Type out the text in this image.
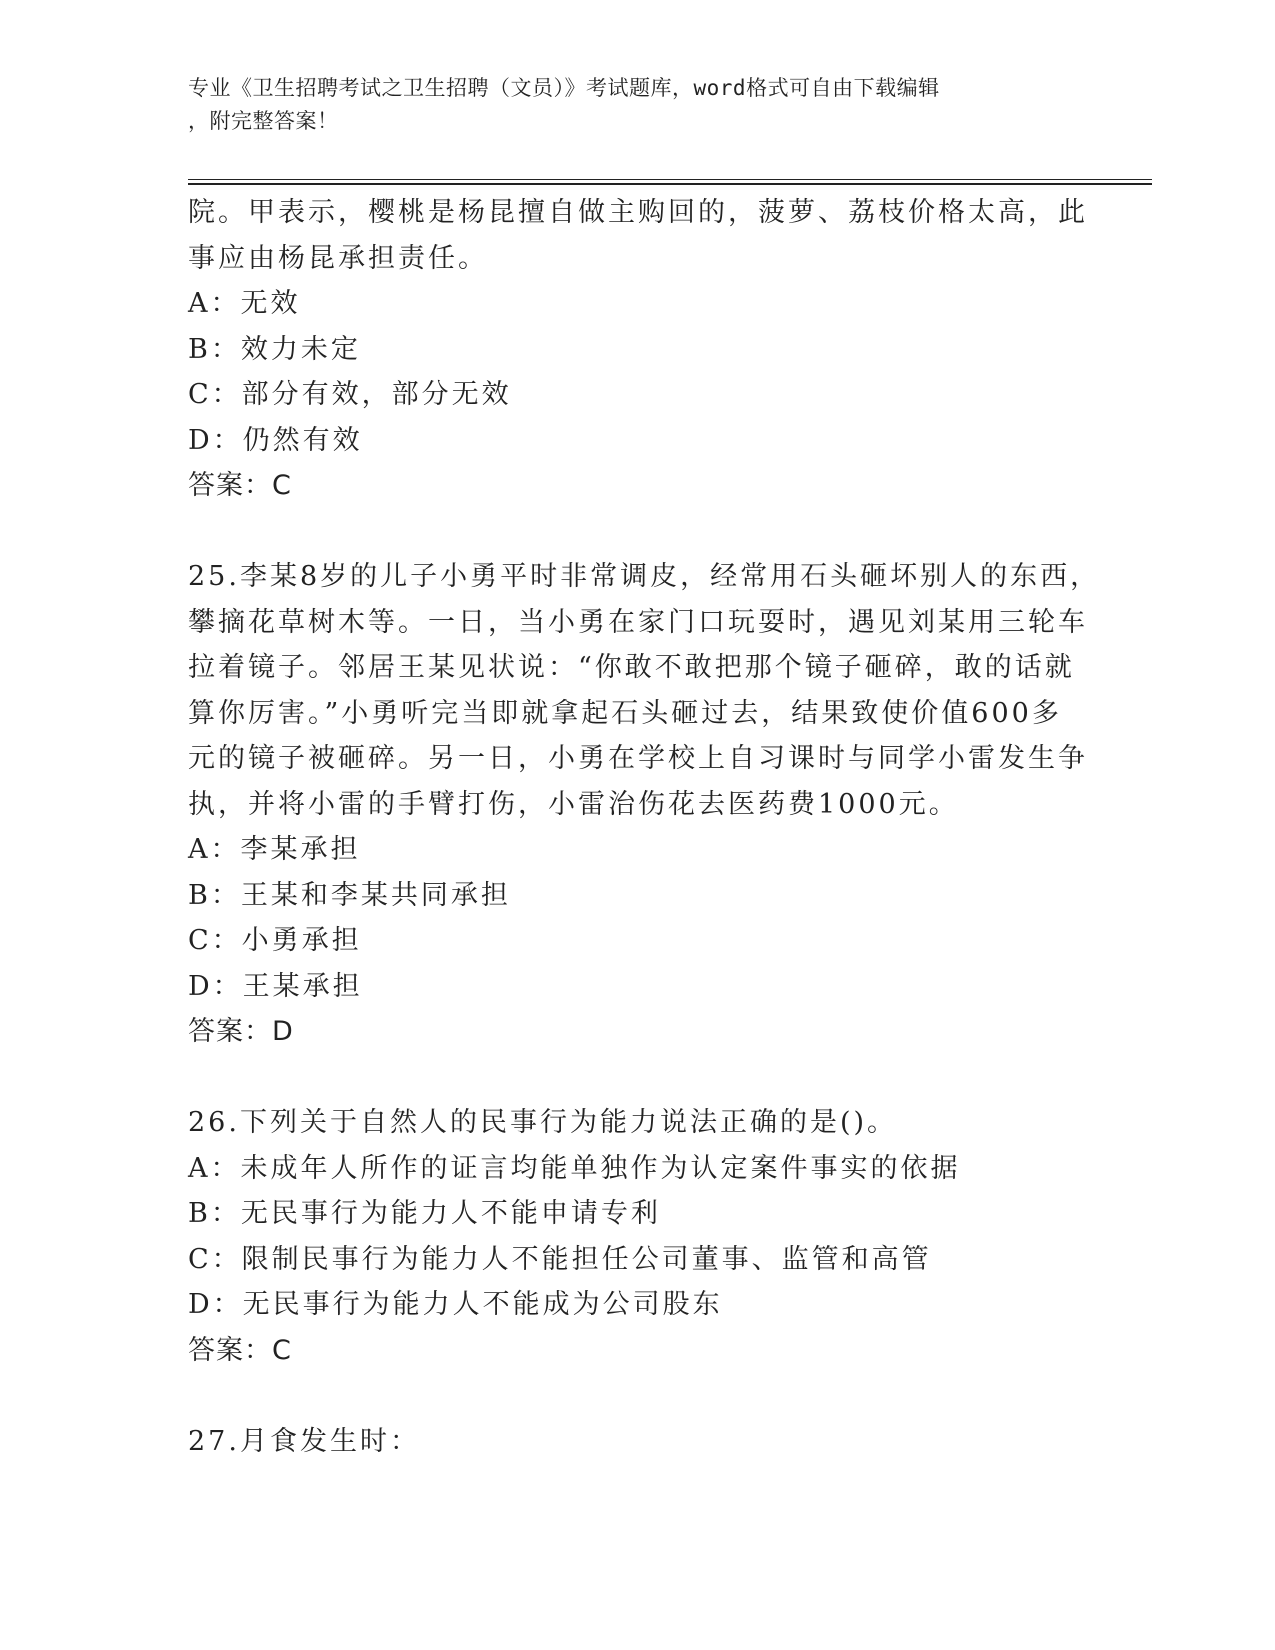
专业《卫生招聘考试之卫生招聘（文员）》考试题库，word格式可自由下载编辑
，附完整答案！
院。甲表示，樱桃是杨昆擅自做主购回的，菠萝、荔枝价格太高，此
事应由杨昆承担责任。
A：无效
B：效力未定
C：部分有效，部分无效
D：仍然有效
答案：C
25.李某8岁的儿子小勇平时非常调皮，经常用石头砸坏别人的东西，
攀摘花草树木等。一日，当小勇在家门口玩耍时，遇见刘某用三轮车
拉着镜子。邻居王某见状说：“你敢不敢把那个镜子砸碎，敢的话就
算你厉害。”小勇听完当即就拿起石头砸过去，结果致使价值600多
元的镜子被砸碎。另一日，小勇在学校上自习课时与同学小雷发生争
执，并将小雷的手臂打伤，小雷治伤花去医药费1000元。
A：李某承担
B：王某和李某共同承担
C：小勇承担
D：王某承担
答案：D
26.下列关于自然人的民事行为能力说法正确的是()。
A：未成年人所作的证言均能单独作为认定案件事实的依据
B：无民事行为能力人不能申请专利
C：限制民事行为能力人不能担任公司董事、监管和高管
D：无民事行为能力人不能成为公司股东
答案：C
27.月食发生时：
